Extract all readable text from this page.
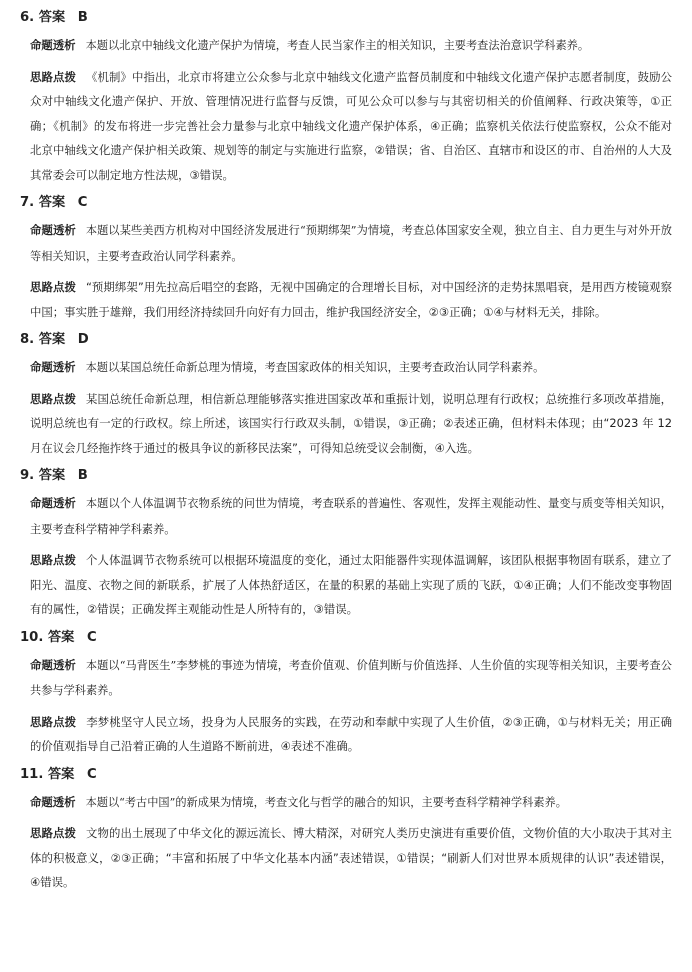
6. 答案 B
命题透析 本题以北京中轴线文化遗产保护为情境，考查人民当家作主的相关知识，主要考查法治意识学科素养。
思路点拨 《机制》中指出，北京市将建立公众参与北京中轴线文化遗产监督员制度和中轴线文化遗产保护志愿者制度，鼓励公众对中轴线文化遗产保护、开放、管理情况进行监督与反馈，可见公众可以参与与其密切相关的价值阐释、行政决策等，①正确；《机制》的发布将进一步完善社会力量参与北京中轴线文化遗产保护体系，④正确；监察机关依法行使监察权，公众不能对北京中轴线文化遗产保护相关政策、规划等的制定与实施进行监察，②错误；省、自治区、直辖市和设区的市、自治州的人大及其常委会可以制定地方性法规，③错误。
7. 答案 C
命题透析 本题以某些美西方机构对中国经济发展进行“预期绑架”为情境，考查总体国家安全观，独立自主、自力更生与对外开放等相关知识，主要考查政治认同学科素养。
思路点拨 “预期绑架”用先拉高后唱空的套路，无视中国确定的合理增长目标，对中国经济的走势抹黑唱衰，是用西方棱镜观察中国；事实胜于雄辩，我们用经济持续回升向好有力回击，维护我国经济安全，②③正确；①④与材料无关，排除。
8. 答案 D
命题透析 本题以某国总统任命新总理为情境，考查国家政体的相关知识，主要考查政治认同学科素养。
思路点拨 某国总统任命新总理，相信新总理能够落实推进国家改革和重振计划，说明总理有行政权；总统推行多项改革措施，说明总统也有一定的行政权。综上所述，该国实行行政双头制，①错误，③正确；②表述正确，但材料未体现；由“2023 年 12 月在议会几经拖拃终于通过的极具争议的新移民法案”，可得知总统受议会制衡，④入选。
9. 答案 B
命题透析 本题以个人体温调节衣物系统的问世为情境，考查联系的普遍性、客观性，发挥主观能动性、量变与质变等相关知识，主要考查科学精神学科素养。
思路点拨 个人体温调节衣物系统可以根据环境温度的变化，通过太阳能器件实现体温调解，该团队根据事物固有联系，建立了阳光、温度、衣物之间的新联系，扩展了人体热舒适区，在量的积累的基础上实现了质的飞跃，①④正确；人们不能改变事物固有的属性，②错误；正确发挥主观能动性是人所特有的，③错误。
10. 答案 C
命题透析 本题以“马背医生”李梦桃的事迹为情境，考查价值观、价值判断与价值选择、人生价值的实现等相关知识，主要考查公共参与学科素养。
思路点拨 李梦桃坚守人民立场，投身为人民服务的实践，在劳动和奉献中实现了人生价值，②③正确，①与材料无关；用正确的价值观指导自己沿着正确的人生道路不断前进，④表述不准确。
11. 答案 C
命题透析 本题以“考古中国”的新成果为情境，考查文化与哲学的融合的知识，主要考查科学精神学科素养。
思路点拨 文物的出土展现了中华文化的源远流长、博大精深，对研究人类历史演进有重要价值，文物价值的大小取决于其对主体的积极意义，②③正确；“丰富和拓展了中华文化基本内涵”表述错误，①错误；“刷新人们对世界本质规律的认识”表述错误，④错误。
